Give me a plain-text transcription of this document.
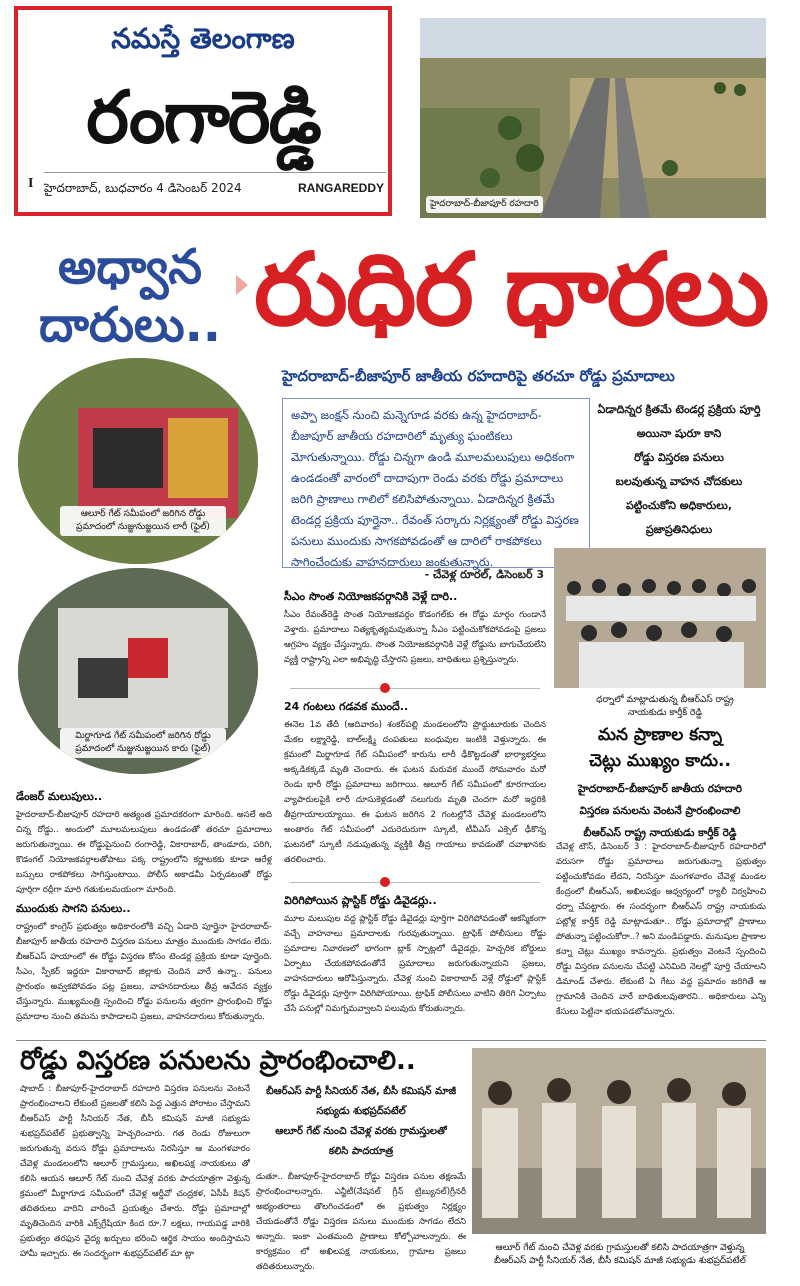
నమస్తే తెలంగాణ
రంగారెడ్డి
I హైదరాబాద్, బుధవారం 4 డిసెంబర్ 2024	RANGAREDDY
హైదరాబాద్-బీజాపూర్ రహదారి
అధ్వాన
దారులు.. రుధిర ధారలు
హైదరాబాద్-బీజాపూర్ జాతీయ రహదారిపై తరచూ రోడ్డు ప్రమాదాలు
ఆలూర్ గేట్ సమీపంలో జరిగిన రోడ్డు ప్రమాదంలో నుజ్జునుజ్జయిన లారీ (ఫైల్)
మిర్జాగూడ గేట్ సమీపంలో జరిగిన రోడ్డు ప్రమాదంలో నుజ్జునుజ్జయిన కారు (ఫైల్)
అప్పా జంక్షన్ నుంచి మన్నెగూడ వరకు ఉన్న హైదరాబాద్-బీజాపూర్ జాతీయ రహదారిలో మృత్యు ఘంటికలు మోగుతున్నాయి. రోడ్డు చిన్నగా ఉండి మూలమలుపులు అధికంగా ఉండడంతో వారంలో దాదాపుగా రెండు వరకు రోడ్డు ప్రమాదాలు జరిగి ప్రాణాలు గాలిలో కలిసిపోతున్నాయి. ఏడాదిన్నర క్రితమే టెండర్ల ప్రక్రియ పూర్తైనా.. రేవంత్ సర్కారు నిర్లక్ష్యంతో రోడ్డు విస్తరణ పనులు ముందుకు సాగకపోవడంతో ఆ దారిలో రాకపోకలు సాగించేందుకు వాహనదారులు జంకుతున్నారు.
- చేవెళ్ల రూరల్, డిసెంబర్ 3
ఏడాదిన్నర క్రితమే టెండర్ల ప్రక్రియ పూర్తి
అయినా షురూ కాని
రోడ్డు విస్తరణ పనులు
బలవుతున్న వాహన చోదకులు
పట్టించుకోని అధికారులు,
ప్రజాప్రతినిధులు
ధర్నాలో మాట్లాడుతున్న బీఆర్ఎస్ రాష్ట్ర నాయకుడు కార్తీక్ రెడ్డి
మన ప్రాణాల కన్నా
చెట్లు ముఖ్యం కాదు..
హైదరాబాద్-బీజాపూర్ జాతీయ రహదారి
విస్తరణ పనులను వెంటనే ప్రారంభించాలి
బీఆర్ఎస్ రాష్ట్ర నాయకుడు కార్తీక్ రెడ్డి
చేవెళ్ల టౌన్, డిసెంబర్ 3 : హైదరాబాద్-బీజాపూర్ రహదారిలో వరుసగా రోడ్డు ప్రమాదాలు జరుగుతున్నా ప్రభుత్వం పట్టించుకోవడం లేదని, నిరసిస్తూ మంగళవారం చేవెళ్ల మండల కేంద్రంలో బీఆర్ఎస్, అఖిలపక్షం ఆధ్వర్యంలో ర్యాలీ నిర్వహించి ధర్నా చేపట్టారు. ఈ సందర్భంగా బీఆర్ఎస్ రాష్ట్ర నాయకుడు పట్లోళ్ల కార్తీక్ రెడ్డి మాట్లాడుతూ.. రోడ్డు ప్రమాదాల్లో ప్రాణాలు పోతున్నా పట్టించుకోరా..? అని మండిపడ్డారు. మనుషుల ప్రాణాల కన్నా చెట్లు ముఖ్యం కావన్నారు. ప్రభుత్వం వెంటనే స్పందించి రోడ్డు విస్తరణ పనులను చేపట్టి ఎనిమిది నెలల్లో పూర్తి చేయాలని డిమాండ్ చేశారు. లేకుంటే ఏ గేటు వద్ద ప్రమాదం జరిగితే ఆ గ్రామానికి చెందిన వారే బాధితులవుతారని.. అధికారులు ఎన్ని కేసులు పెట్టినా భయపడబోమన్నారు.
సీఎం సొంత నియోజకవర్గానికి వెళ్లే దారి..
సీఎం రేవంత్‌రెడ్డి సొంత నియోజకవర్గం కొడంగల్‌కు ఈ రోడ్డు మార్గం గుండానే వెళ్తారు. ప్రమాదాలు నిత్యకృత్యమవుతున్నా సీఎం పట్టించుకోకపోవడంపై ప్రజలు ఆగ్రహం వ్యక్తం చేస్తున్నారు. సొంత నియోజకవర్గానికి వెళ్లే రోడ్డును బాగుచేయలేని వ్యక్తి రాష్ట్రాన్ని ఎలా అభివృద్ధి చేస్తారని ప్రజలు, బాధితులు ప్రశ్నిస్తున్నారు.
24 గంటలు గడవక ముందే..
ఈనెల 1వ తేదీ (ఆదివారం) శంకర్‌పల్లి మండలంలోని ప్రొద్దుటూరుకు చెందిన మేకల లక్ష్మారెడ్డి, బాల్‌లక్ష్మి దంపతులు బంధువుల ఇంటికి వెళ్తున్నారు. ఈ క్రమంలో మిర్జాగూడ గేట్ సమీపంలో కారును లారీ ఢీకొట్టడంతో భార్యాభర్తలు అక్కడికక్కడే మృతి చెందారు. ఈ ఘటన మరువక ముందే సోమవారం మరో రెండు భారీ రోడ్డు ప్రమాదాలు జరిగాయి. ఆలూర్ గేట్ సమీపంలో కూరగాయల వ్యాపారులపైకి లారీ దూసుకెళ్లడంతో నలుగురు మృతి చెందగా మరో ఇద్దరికి తీవ్రగాయాలయ్యాయి. ఈ ఘటన జరిగిన 2 గంటల్లోనే చేవెళ్ల మండలంలోని అంతారం గేట్ సమీపంలో ఎదురెదురుగా స్కూటీ, టీవీఎస్ ఎక్సెల్ ఢీకొన్న ఘటనలో స్కూటీ నడుపుతున్న వ్యక్తికి తీవ్ర గాయాలు కావడంతో దవాఖానకు తరలించారు.
విరిగిపోయిన ప్లాస్టిక్ రోడ్డు డివైడర్లు..
మూల మలుపుల వద్ద ప్లాస్టిక్ రోడ్డు డివైడర్లు పూర్తిగా విరిగిపోవడంతో ఆకస్మికంగా వచ్చే వాహనాలు ప్రమాదాలకు గురవుతున్నాయి. ట్రాఫిక్ పోలీసులు రోడ్డు ప్రమాదాల నివారణలో భాగంగా బ్లాక్ స్పాట్లలో డివైడర్లు, హెచ్చరిక బోర్డులు ఏర్పాటు చేయకపోవడంతోనే ప్రమాదాలు జరుగుతున్నాయని ప్రజలు, వాహనదారులు ఆరోపిస్తున్నారు. చేవెళ్ల నుంచి వికారాబాద్ వెళ్లే రోడ్డులో ప్లాస్టిక్ రోడ్డు డివైడర్లు పూర్తిగా విరిగిపోయాయి. ట్రాఫిక్ పోలీసులు వాటిని తిరిగి ఏర్పాటు చేసే పనుల్లో నిమగ్నమవ్వాలని పలువురు కోరుతున్నారు.
డేంజర్ మలుపులు..
హైదరాబాద్-బీజాపూర్ రహదారి అత్యంత ప్రమాదకరంగా మారింది. అసలే అది చిన్న రోడ్డు.. అందులో మూలమలుపులు ఉండడంతో తరచూ ప్రమాదాలు జరుగుతున్నాయి. ఈ రోడ్డుపైనుంచి రంగారెడ్డి, వికారాబాద్, తాండూరు, పరిగి, కొడంగల్ నియోజకవర్గాలతోపాటు పక్క రాష్ట్రంలోని కర్ణాటకకు కూడా ఆరేళ్ల బస్సులు రాకపోకలు సాగిస్తుంటాయి. పోలీస్ అకాడమీ ఏర్పడటంతో రోడ్డు పూర్తిగా రద్దీగా మారి గతుకులమయంగా మారింది.
ముందుకు సాగని పనులు..
రాష్ట్రంలో కాంగ్రెస్ ప్రభుత్వం అధికారంలోకి వచ్చి ఏడాది పూర్తైనా హైదరాబాద్-బీజాపూర్ జాతీయ రహదారి విస్తరణ పనులు మాత్రం ముందుకు సాగడం లేదు. బీఆర్ఎస్ హయాంలో ఈ రోడ్డు విస్తరణ కోసం టెండర్ల ప్రక్రియ కూడా పూర్తైంది. సీఎం, స్పీకర్ ఇద్దరూ వికారాబాద్ జిల్లాకు చెందిన వారే ఉన్నా.. పనులు ప్రారంభం అవ్వకపోవడం పట్ల ప్రజలు, వాహనదారులు తీవ్ర ఆవేదన వ్యక్తం చేస్తున్నారు. ముఖ్యమంత్రి స్పందించి రోడ్డు పనులను త్వరగా ప్రారంభించి రోడ్డు ప్రమాదాల నుంచి తమను కాపాడాలని ప్రజలు, వాహనదారులు కోరుతున్నారు.
రోడ్డు విస్తరణ పనులను ప్రారంభించాలి..
షాబాద్ : బీజాపూర్-హైదరాబాద్ రహదారి విస్తరణ పనులను వెంటనే ప్రారంభించాలని లేకుంటే ప్రజలతో కలిసి పెద్ద ఎత్తున పోరాటం చేస్తామని బీఆర్ఎస్ పార్టీ సీనియర్ నేత, బీసీ కమిషన్ మాజీ సభ్యుడు శుభప్రద్‌పటేల్ ప్రభుత్వాన్ని హెచ్చరించారు. గత రెండు రోజులుగా జరుగుతున్న వరుస రోడ్డు ప్రమాదాలను నిరసిస్తూ ఆ మంగళవారం చేవెళ్ల మండలంలోని ఆలూర్ గ్రామస్తులు, అఖిలపక్ష నాయకులు తో కలిసి ఆయన ఆలూర్ గేట్ నుంచి చేవెళ్ల వరకు పాదయాత్రగా వెళ్తున్న క్రమంలో మీర్జాగూడ సమీపంలో చేవెళ్ల ఆర్డీవో చంద్రకళ, ఏసీపీ కిషన్ తదితరులు వారిని వారించే ప్రయత్నం చేశారు. రోడ్డు ప్రమాదాల్లో మృతిచెందిన వారికి ఎక్స్‌గ్రేషియా కింద రూ.7 లక్షలు, గాయపడ్డ వారికి ప్రభుత్వం తరఫున వైద్య ఖర్చులు భరించి ఆర్థిక సాయం అందిస్తామని హామీ ఇచ్చారు. ఈ సందర్భంగా శుభప్రద్‌పటేల్ మా ట్లా
బీఆర్ఎస్ పార్టీ సీనియర్ నేత, బీసీ కమిషన్ మాజీ
సభ్యుడు శుభప్రద్‌పటేల్
ఆలూర్ గేట్ నుంచి చేవెళ్ల వరకు గ్రామస్తులతో
కలిసి పాదయాత్ర
డుతూ.. బీజాపూర్-హైదరాబాద్ రోడ్డు విస్తరణ పనుల తక్షణమే ప్రారంభించాలన్నారు. ఎన్జీటీ(నేషనల్ గ్రీన్ ట్రిబ్యునల్)గ్రీనరీ అభ్యంతరాలు తొలగించడంలో ఈ ప్రభుత్వం నిర్లక్ష్యం చేయడంతోనే రోడ్డు విస్తరణ పనులు ముందుకు సాగడం లేదని అన్నారు. ఇంకా ఎంతమంది ప్రాణాలు కోల్పోవాలన్నారు. ఈ కార్యక్రమం లో అఖిలపక్ష నాయకులు, గ్రామాల ప్రజలు తదితరులున్నారు.
ఆలూర్ గేట్ నుంచి చేవెళ్ల వరకు గ్రామస్తులతో కలిసి పాదయాత్రగా వెళ్తున్న బీఆర్ఎస్ పార్టీ సీనియర్ నేత, బీసీ కమిషన్ మాజీ సభ్యుడు శుభప్రద్‌పటేల్
